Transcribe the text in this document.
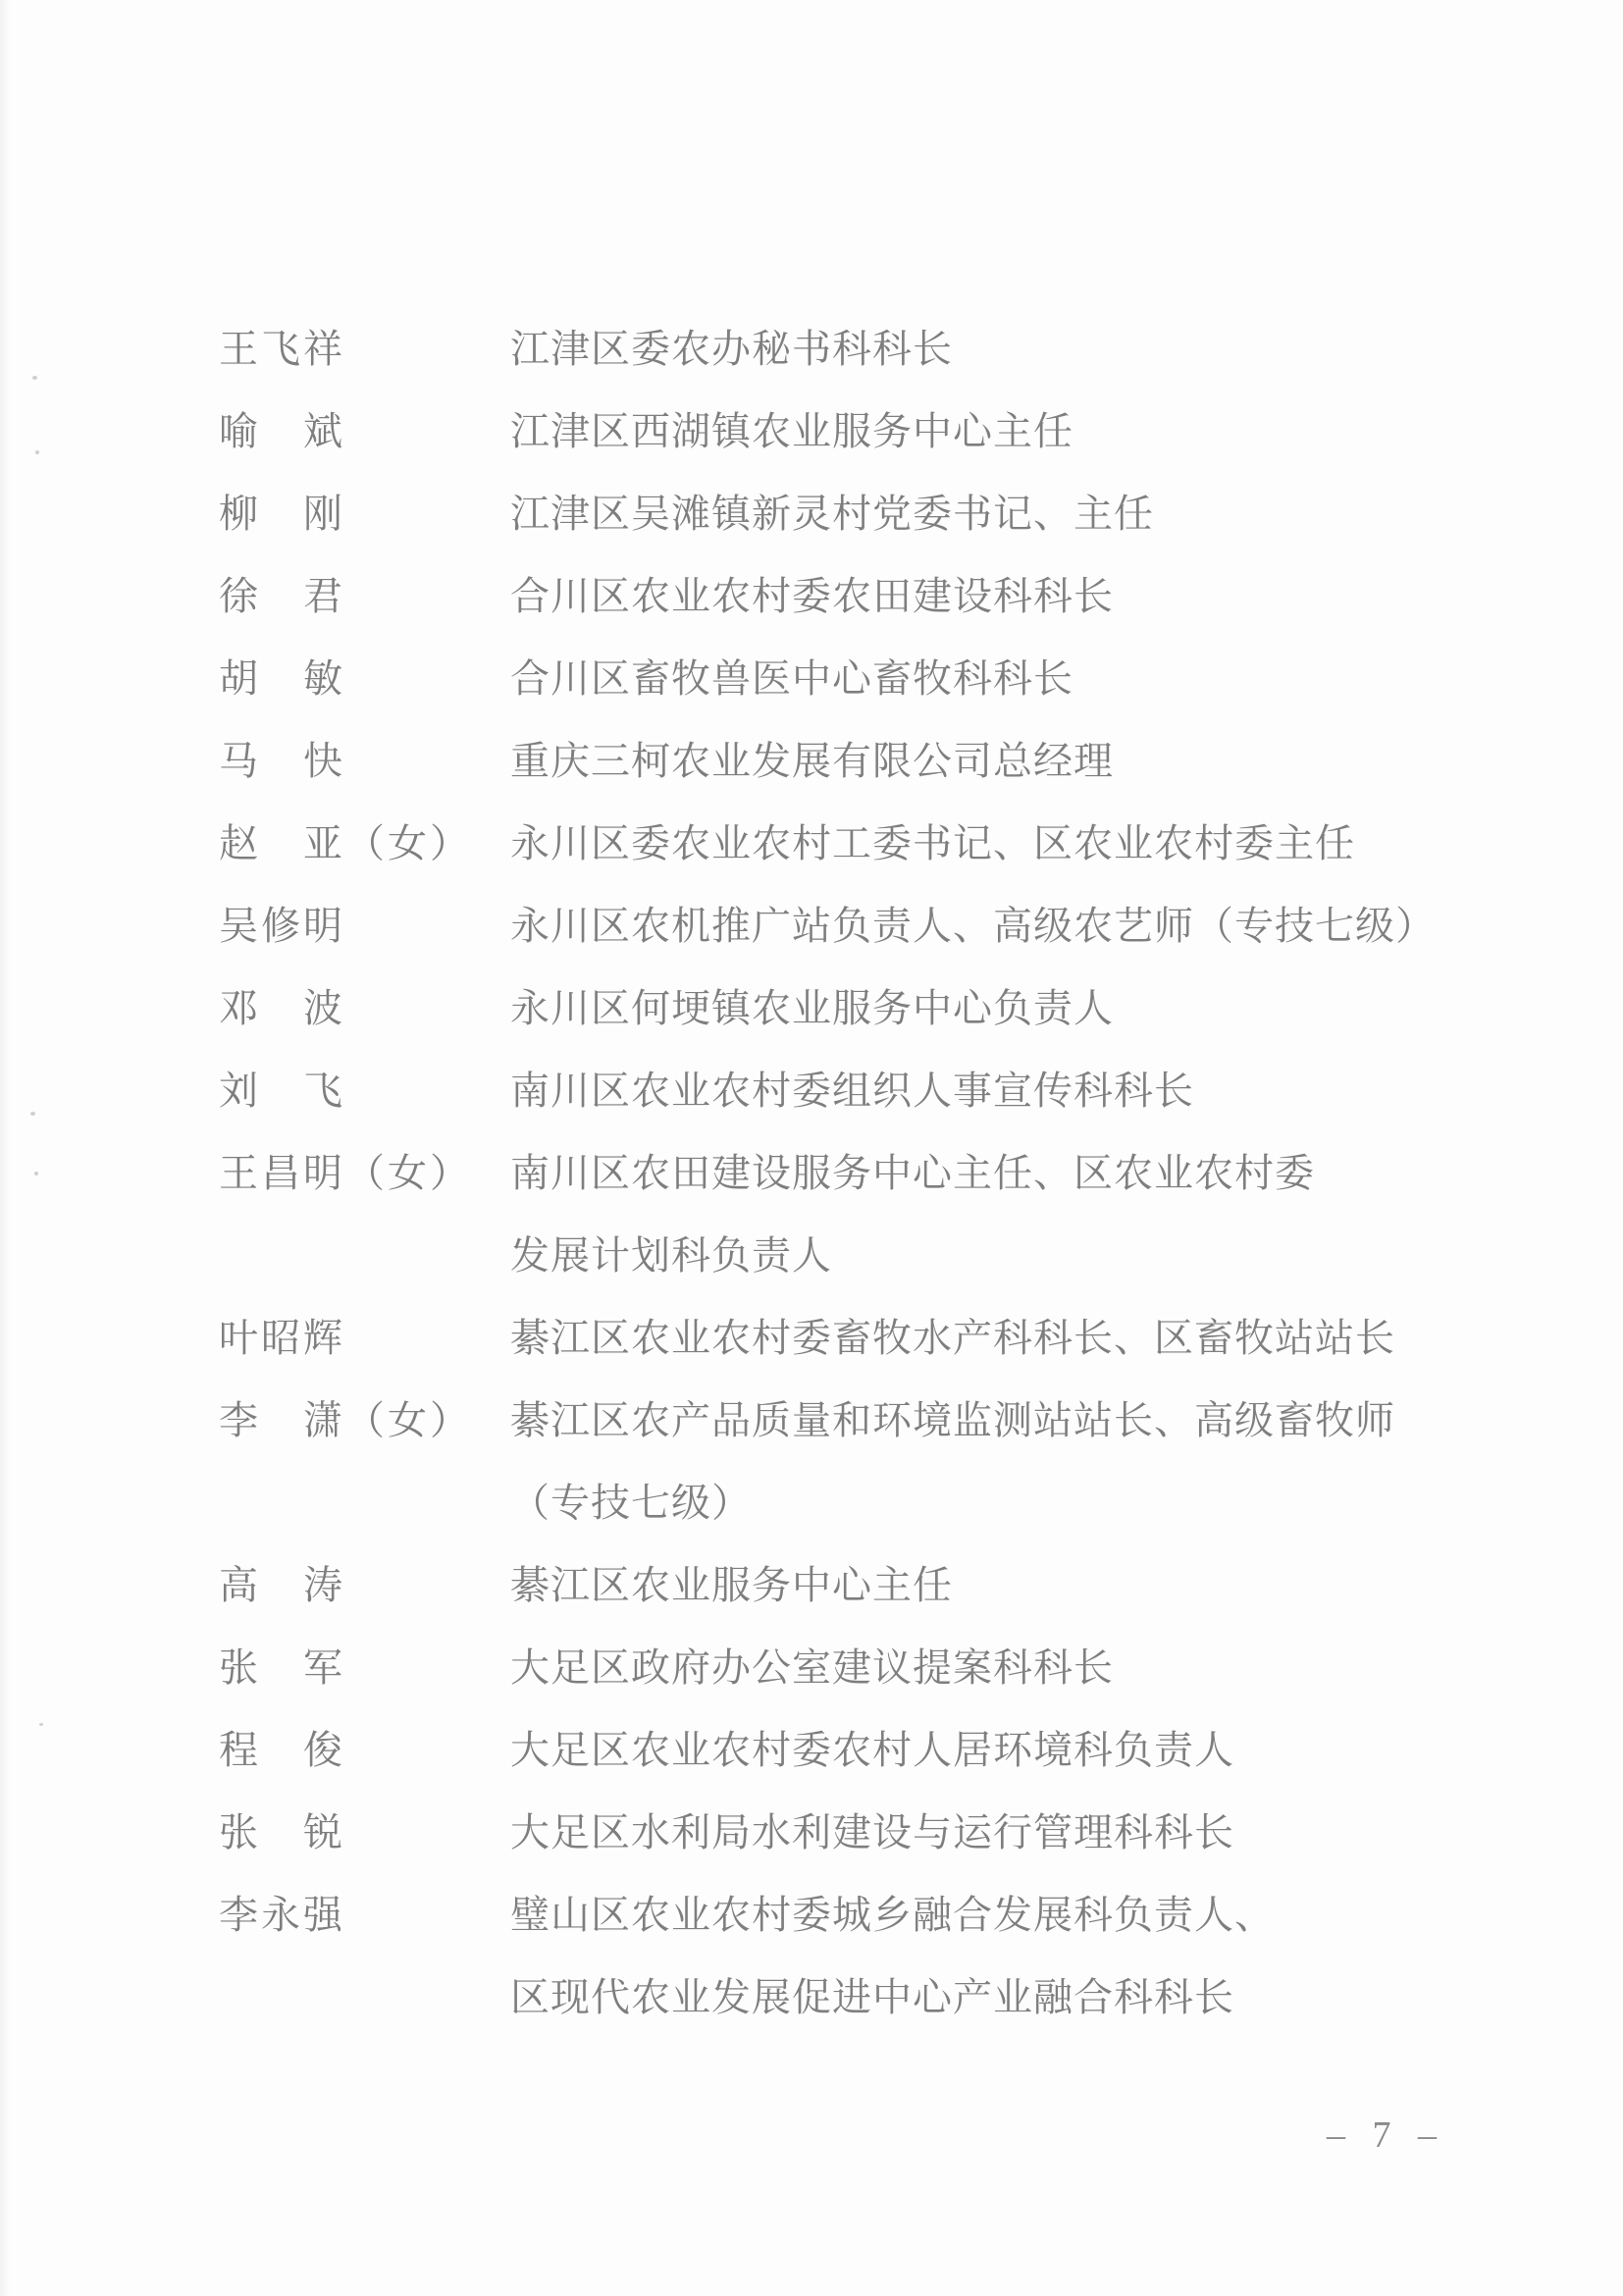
王飞祥	江津区委农办秘书科科长
喻　斌	江津区西湖镇农业服务中心主任
柳　刚	江津区吴滩镇新灵村党委书记、主任
徐　君	合川区农业农村委农田建设科科长
胡　敏	合川区畜牧兽医中心畜牧科科长
马　快	重庆三柯农业发展有限公司总经理
赵　亚（女） 永川区委农业农村工委书记、区农业农村委主任
吴修明	永川区农机推广站负责人、高级农艺师（专技七级）
邓　波	永川区何埂镇农业服务中心负责人
刘　飞	南川区农业农村委组织人事宣传科科长
王昌明（女） 南川区农田建设服务中心主任、区农业农村委
发展计划科负责人
叶昭辉	綦江区农业农村委畜牧水产科科长、区畜牧站站长
李　潇（女） 綦江区农产品质量和环境监测站站长、高级畜牧师
（专技七级）
高　涛	綦江区农业服务中心主任
张　军	大足区政府办公室建议提案科科长
程　俊	大足区农业农村委农村人居环境科负责人
张　锐	大足区水利局水利建设与运行管理科科长
李永强	璧山区农业农村委城乡融合发展科负责人、
区现代农业发展促进中心产业融合科科长
– 7 –
